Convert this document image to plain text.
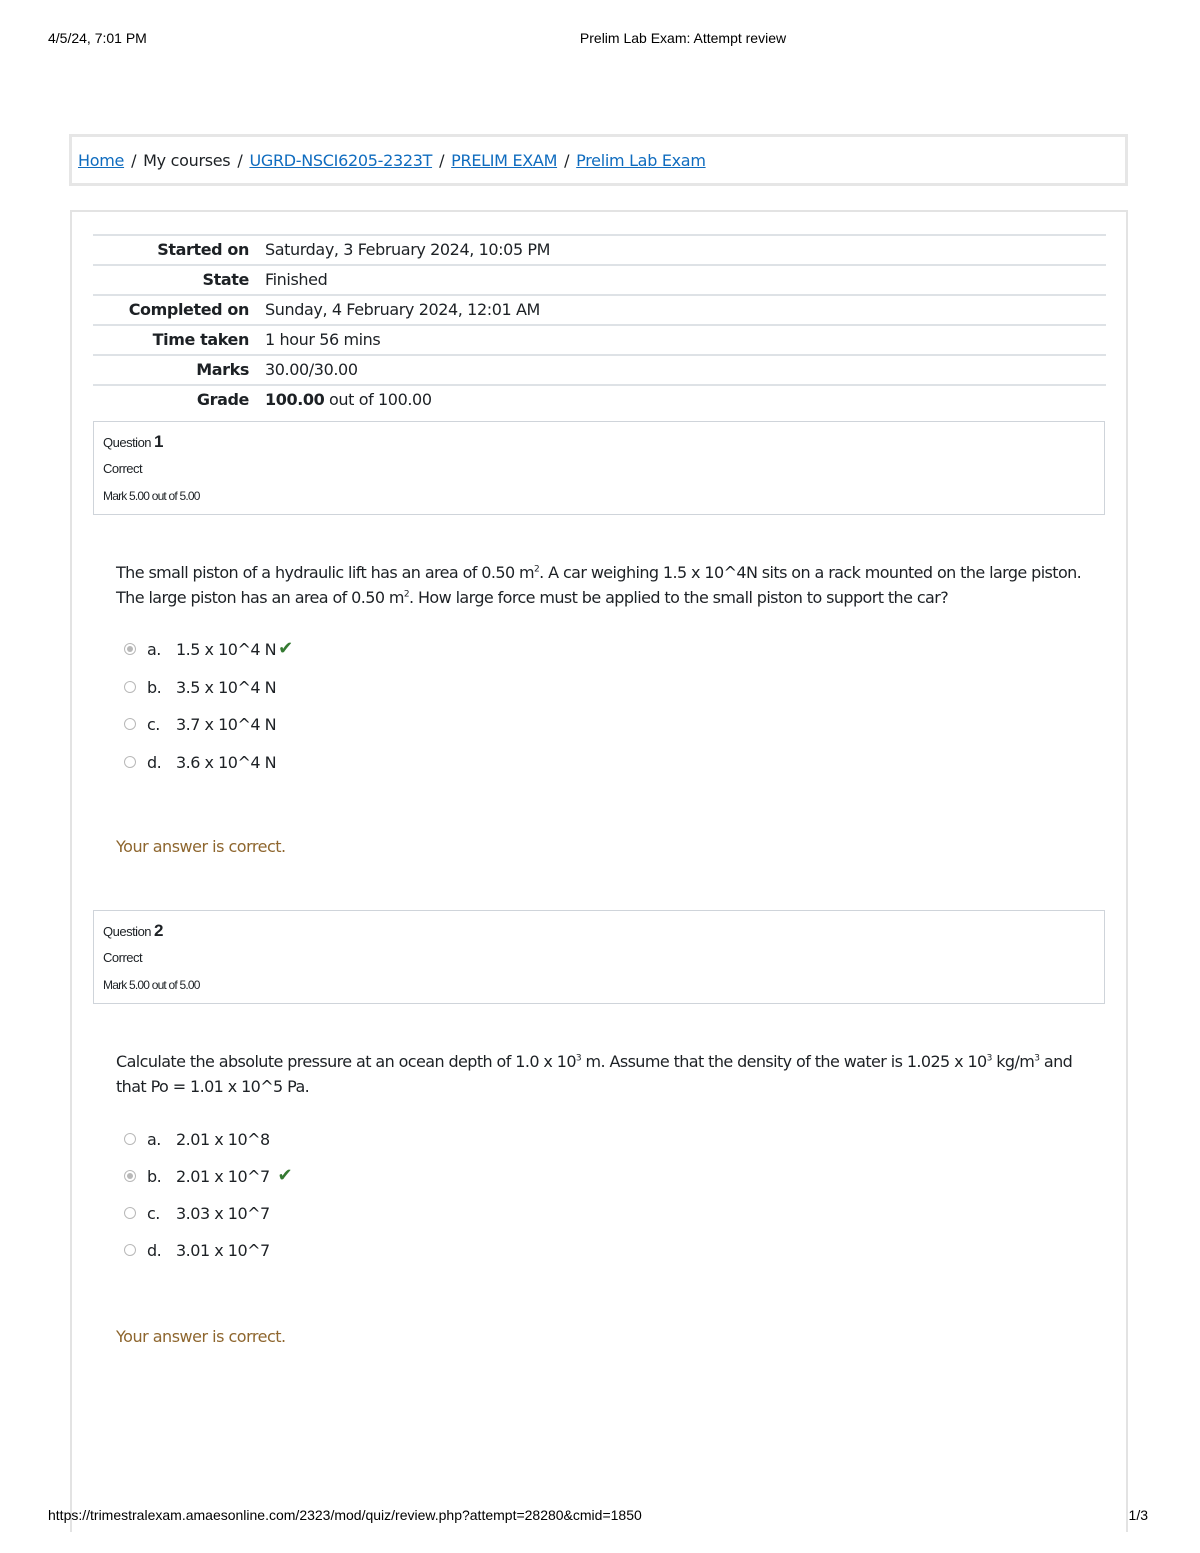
4/5/24, 7:01 PM	Prelim Lab Exam: Attempt review
Home / My courses / UGRD-NSCI6205-2323T / PRELIM EXAM / Prelim Lab Exam
Started on	Saturday, 3 February 2024, 10:05 PM
State	Finished
Completed on	Sunday, 4 February 2024, 12:01 AM
Time taken	1 hour 56 mins
Marks	30.00/30.00
Grade	100.00 out of 100.00
Question 1
Correct
Mark 5.00 out of 5.00
The small piston of a hydraulic lift has an area of 0.50 $m^2$. A car weighing 1.5 x 10^4N sits on a rack mounted on the large piston. The large piston has an area of 0.50 $m^2$. How large force must be applied to the small piston to support the car?
a. 1.5 x 10^4 N ✔
b. 3.5 x 10^4 N
c.	3.7 x 10^4 N
d. 3.6 x 10^4 N
Your answer is correct.
Question 2
Correct
Mark 5.00 out of 5.00
Calculate the absolute pressure at an ocean depth of 1.0 x $10^3$ m. Assume that the density of the water is 1.025 x $10^3$ $kg/m^3$ and that Po = 1.01 x 10^5 Pa.
a. 2.01 x 10^8
b. 2.01 x 10^7 ✔
c.	3.03 x 10^7
d. 3.01 x 10^7
Your answer is correct.
https://trimestralexam.amaesonline.com/2323/mod/quiz/review.php?attempt=28280&cmid=1850	1/3
